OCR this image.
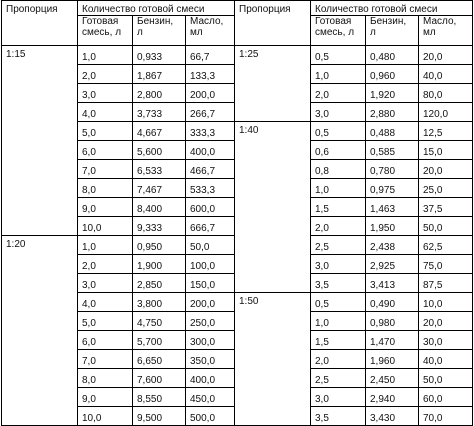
Пропорция	Количество готовой смеси			Пропорция	Количество готовой смеси		
	Готовая смесь, л	Бензин, л	Масло, мл		Готовая смесь, л	Бензин, л	Масло, мл
1:15	1,0	0,933	66,7	1:25	0,5	0,480	20,0
	2,0	1,867	133,3		1,0	0,960	40,0
	3,0	2,800	200,0		2,0	1,920	80,0
	4,0	3,733	266,7		3,0	2,880	120,0
	5,0	4,667	333,3	1:40	0,5	0,488	12,5
	6,0	5,600	400,0		0,6	0,585	15,0
	7,0	6,533	466,7		0,8	0,780	20,0
	8,0	7,467	533,3		1,0	0,975	25,0
	9,0	8,400	600,0		1,5	1,463	37,5
	10,0	9,333	666,7		2,0	1,950	50,0
1:20	1,0	0,950	50,0		2,5	2,438	62,5
	2,0	1,900	100,0		3,0	2,925	75,0
	3,0	2,850	150,0		3,5	3,413	87,5
	4,0	3,800	200,0	1:50	0,5	0,490	10,0
	5,0	4,750	250,0		1,0	0,980	20,0
	6,0	5,700	300,0		1,5	1,470	30,0
	7,0	6,650	350,0		2,0	1,960	40,0
	8,0	7,600	400,0		2,5	2,450	50,0
	9,0	8,550	450,0		3,0	2,940	60,0
	10,0	9,500	500,0		3,5	3,430	70,0
